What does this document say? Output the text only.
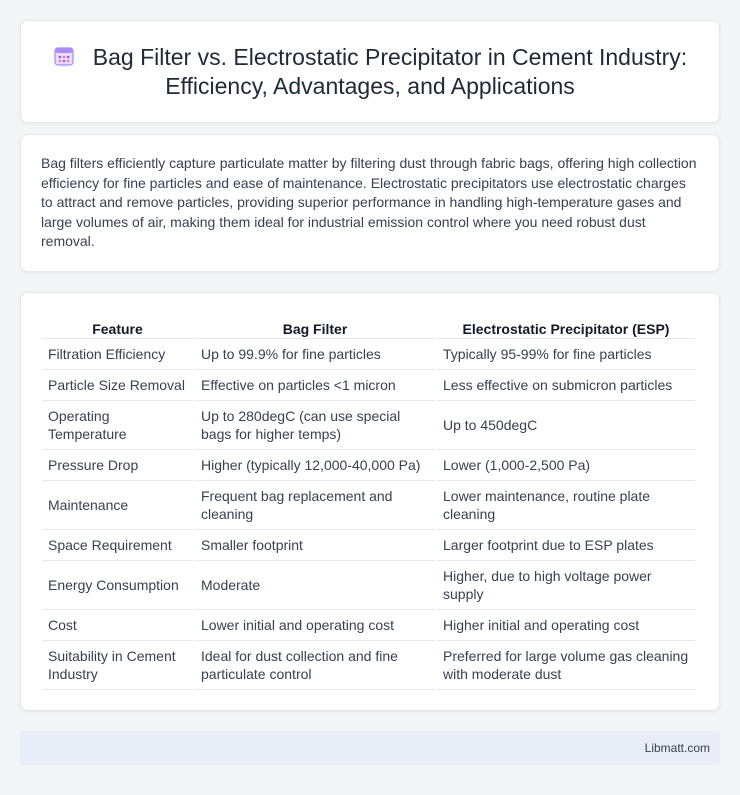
Bag Filter vs. Electrostatic Precipitator in Cement Industry: Efficiency, Advantages, and Applications

Bag filters efficiently capture particulate matter by filtering dust through fabric bags, offering high collection efficiency for fine particles and ease of maintenance. Electrostatic precipitators use electrostatic charges to attract and remove particles, providing superior performance in handling high-temperature gases and large volumes of air, making them ideal for industrial emission control where you need robust dust removal.

Feature	Bag Filter	Electrostatic Precipitator (ESP)
Filtration Efficiency	Up to 99.9% for fine particles	Typically 95-99% for fine particles
Particle Size Removal	Effective on particles <1 micron	Less effective on submicron particles
Operating Temperature	Up to 280degC (can use special bags for higher temps)	Up to 450degC
Pressure Drop	Higher (typically 12,000-40,000 Pa)	Lower (1,000-2,500 Pa)
Maintenance	Frequent bag replacement and cleaning	Lower maintenance, routine plate cleaning
Space Requirement	Smaller footprint	Larger footprint due to ESP plates
Energy Consumption	Moderate	Higher, due to high voltage power supply
Cost	Lower initial and operating cost	Higher initial and operating cost
Suitability in Cement Industry	Ideal for dust collection and fine particulate control	Preferred for large volume gas cleaning with moderate dust
Libmatt.com
